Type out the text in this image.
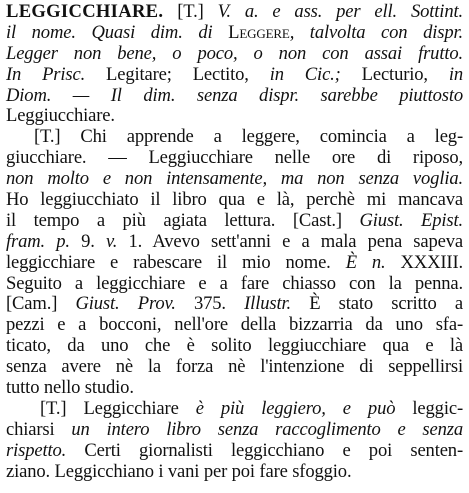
LEGGICCHIARE. [T.] V. a. e ass. per ell. Sottint.
il nome. Quasi dim. di Leggere, talvolta con dispr.
Legger non bene, o poco, o non con assai frutto.
In Prisc. Legitare; Lectito, in Cic.; Lecturio, in
Diom. — Il dim. senza dispr. sarebbe piuttosto
Leggiucchiare.
[T.] Chi apprende a leggere, comincia a leg-
giucchiare. — Leggiucchiare nelle ore di riposo,
non molto e non intensamente, ma non senza voglia.
Ho leggiucchiato il libro qua e là, perchè mi mancava
il tempo a più agiata lettura. [Cast.] Giust. Epist.
fram. p. 9. v. 1. Avevo sett'anni e a mala pena sapeva
leggicchiare e rabescare il mio nome. È n. XXXIII.
Seguito a leggicchiare e a fare chiasso con la penna.
[Cam.] Giust. Prov. 375. Illustr. È stato scritto a
pezzi e a bocconi, nell'ore della bizzarria da uno sfa-
ticato, da uno che è solito leggiucchiare qua e là
senza avere nè la forza nè l'intenzione di seppellirsi
tutto nello studio.
[T.] Leggicchiare è più leggiero, e può leggic-
chiarsi un intero libro senza raccoglimento e senza
rispetto. Certi giornalisti leggicchiano e poi senten-
ziano. Leggicchiano i vani per poi fare sfoggio.
